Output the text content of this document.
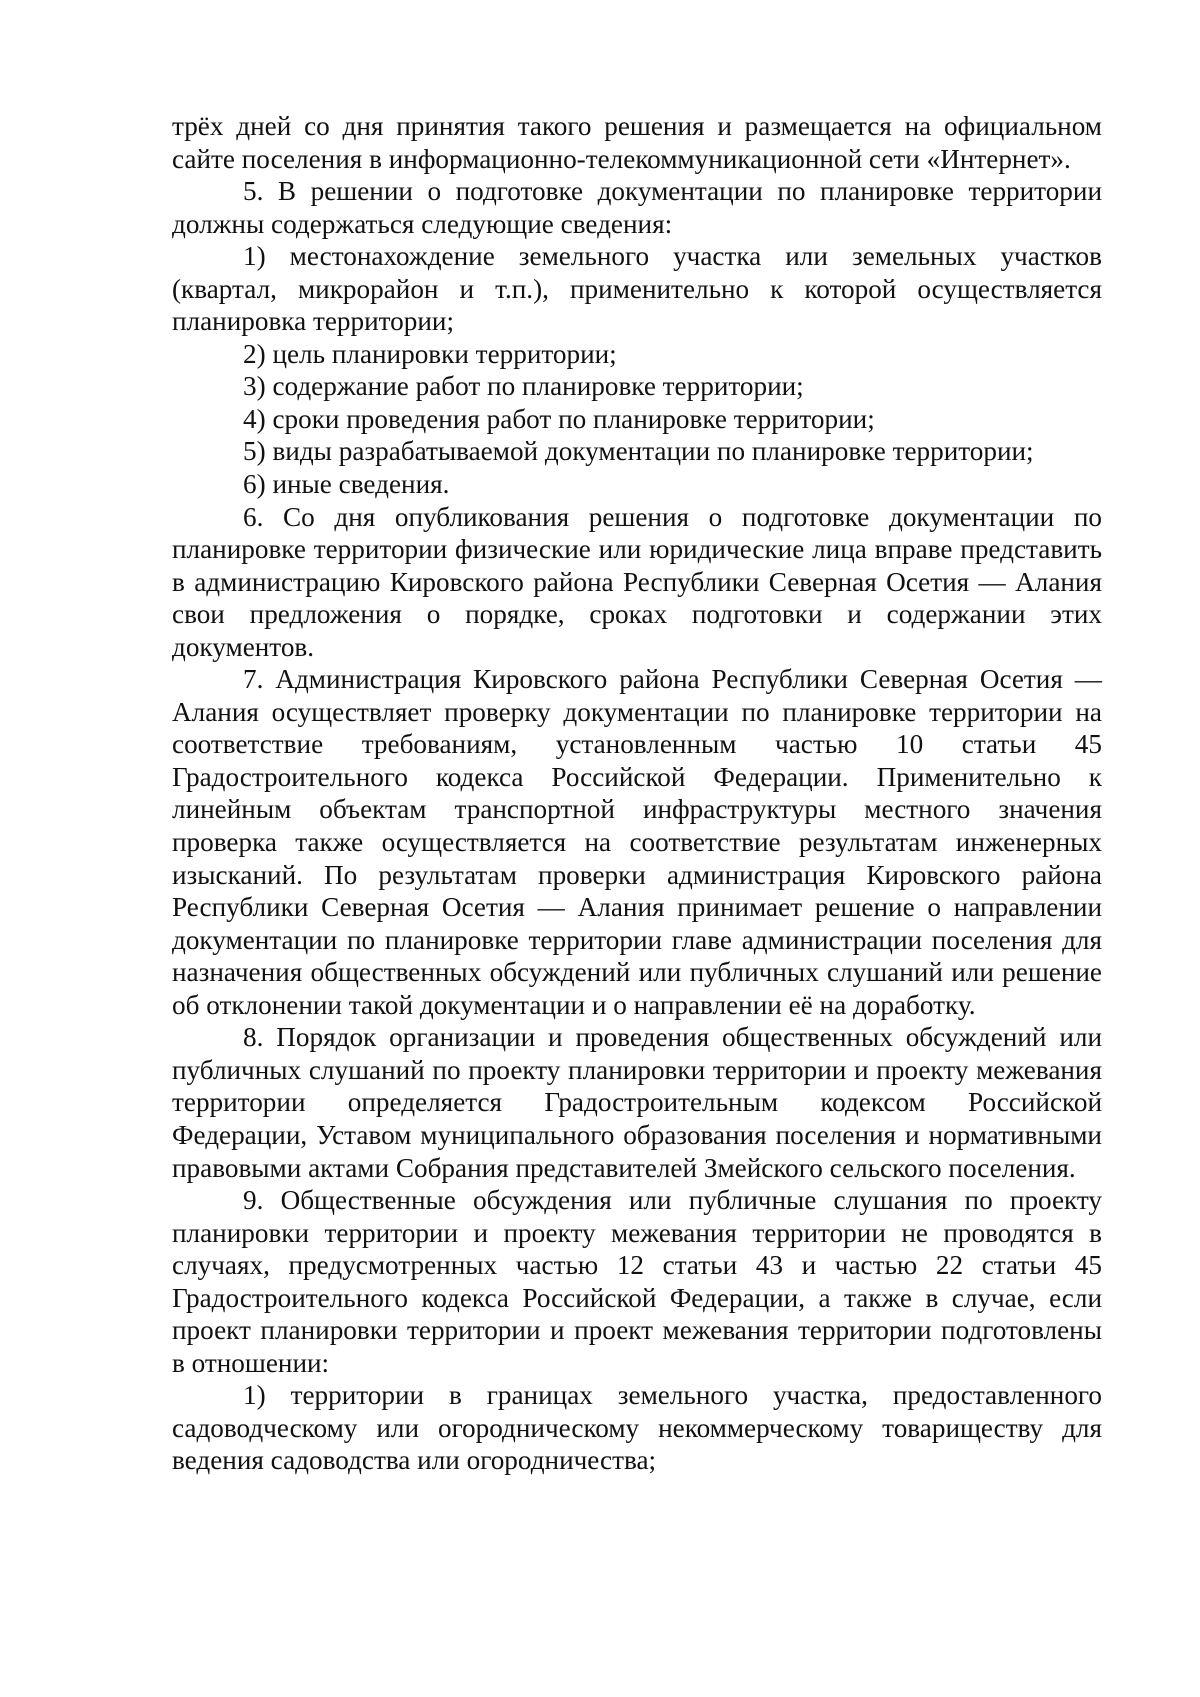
трёх дней со дня принятия такого решения и размещается на официальном сайте поселения в информационно-телекоммуникационной сети «Интернет».

5. В решении о подготовке документации по планировке территории должны содержаться следующие сведения:

1) местонахождение земельного участка или земельных участков (квартал, микрорайон и т.п.), применительно к которой осуществляется планировка территории;

2) цель планировки территории;

3) содержание работ по планировке территории;

4) сроки проведения работ по планировке территории;

5) виды разрабатываемой документации по планировке территории;

6) иные сведения.

6. Со дня опубликования решения о подготовке документации по планировке территории физические или юридические лица вправе представить в администрацию Кировского района Республики Северная Осетия — Алания свои предложения о порядке, сроках подготовки и содержании этих документов.

7. Администрация Кировского района Республики Северная Осетия — Алания осуществляет проверку документации по планировке территории на соответствие требованиям, установленным частью 10 статьи 45 Градостроительного кодекса Российской Федерации. Применительно к линейным объектам транспортной инфраструктуры местного значения проверка также осуществляется на соответствие результатам инженерных изысканий. По результатам проверки администрация Кировского района Республики Северная Осетия — Алания принимает решение о направлении документации по планировке территории главе администрации поселения для назначения общественных обсуждений или публичных слушаний или решение об отклонении такой документации и о направлении её на доработку.

8. Порядок организации и проведения общественных обсуждений или публичных слушаний по проекту планировки территории и проекту межевания территории определяется Градостроительным кодексом Российской Федерации, Уставом муниципального образования поселения и нормативными правовыми актами Собрания представителей Змейского сельского поселения.

9. Общественные обсуждения или публичные слушания по проекту планировки территории и проекту межевания территории не проводятся в случаях, предусмотренных частью 12 статьи 43 и частью 22 статьи 45 Градостроительного кодекса Российской Федерации, а также в случае, если проект планировки территории и проект межевания территории подготовлены в отношении:

1) территории в границах земельного участка, предоставленного садоводческому или огородническому некоммерческому товариществу для ведения садоводства или огородничества;
